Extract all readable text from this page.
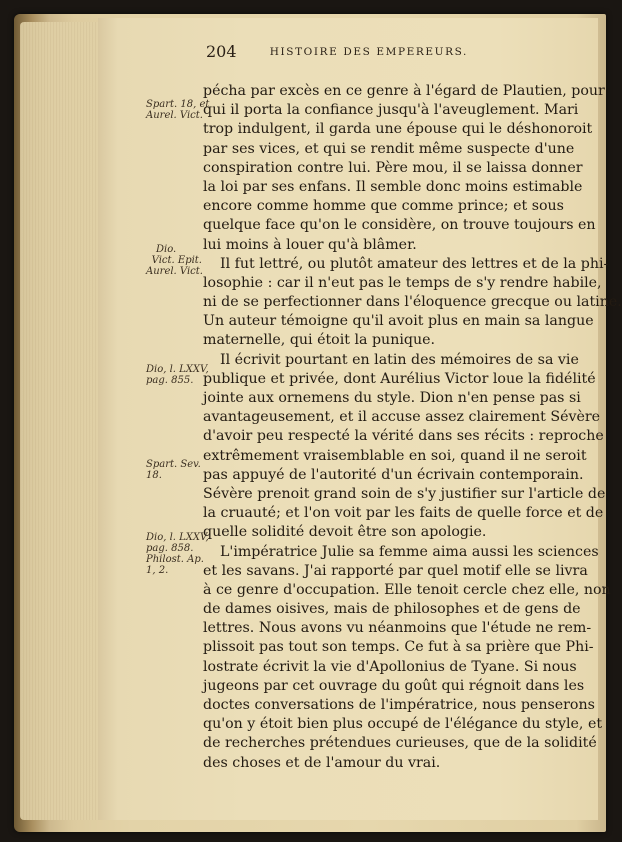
204	HISTOIRE DES EMPEREURS.
Spart. 18, et
Aurel. Vict.
Dio.
Vict. Epit.
Aurel. Vict.
Dio, l. LXXV,
pag. 855.
Spart. Sev.
18.
Dio, l. LXXV,
pag. 858.
Philost. Ap.
1, 2.
pécha par excès en ce genre à l'égard de Plautien, pour
qui il porta la confiance jusqu'à l'aveuglement. Mari
trop indulgent, il garda une épouse qui le déshonoroit
par ses vices, et qui se rendit même suspecte d'une
conspiration contre lui. Père mou, il se laissa donner
la loi par ses enfans. Il semble donc moins estimable
encore comme homme que comme prince; et sous
quelque face qu'on le considère, on trouve toujours en
lui moins à louer qu'à blâmer.
Il fut lettré, ou plutôt amateur des lettres et de la phi-
losophie : car il n'eut pas le temps de s'y rendre habile,
ni de se perfectionner dans l'éloquence grecque ou latine.
Un auteur témoigne qu'il avoit plus en main sa langue
maternelle, qui étoit la punique.
Il écrivit pourtant en latin des mémoires de sa vie
publique et privée, dont Aurélius Victor loue la fidélité
jointe aux ornemens du style. Dion n'en pense pas si
avantageusement, et il accuse assez clairement Sévère
d'avoir peu respecté la vérité dans ses récits : reproche
extrêmement vraisemblable en soi, quand il ne seroit
pas appuyé de l'autorité d'un écrivain contemporain.
Sévère prenoit grand soin de s'y justifier sur l'article de
la cruauté; et l'on voit par les faits de quelle force et de
quelle solidité devoit être son apologie.
L'impératrice Julie sa femme aima aussi les sciences
et les savans. J'ai rapporté par quel motif elle se livra
à ce genre d'occupation. Elle tenoit cercle chez elle, non
de dames oisives, mais de philosophes et de gens de
lettres. Nous avons vu néanmoins que l'étude ne rem-
plissoit pas tout son temps. Ce fut à sa prière que Phi-
lostrate écrivit la vie d'Apollonius de Tyane. Si nous
jugeons par cet ouvrage du goût qui régnoit dans les
doctes conversations de l'impératrice, nous penserons
qu'on y étoit bien plus occupé de l'élégance du style, et
de recherches prétendues curieuses, que de la solidité
des choses et de l'amour du vrai.
